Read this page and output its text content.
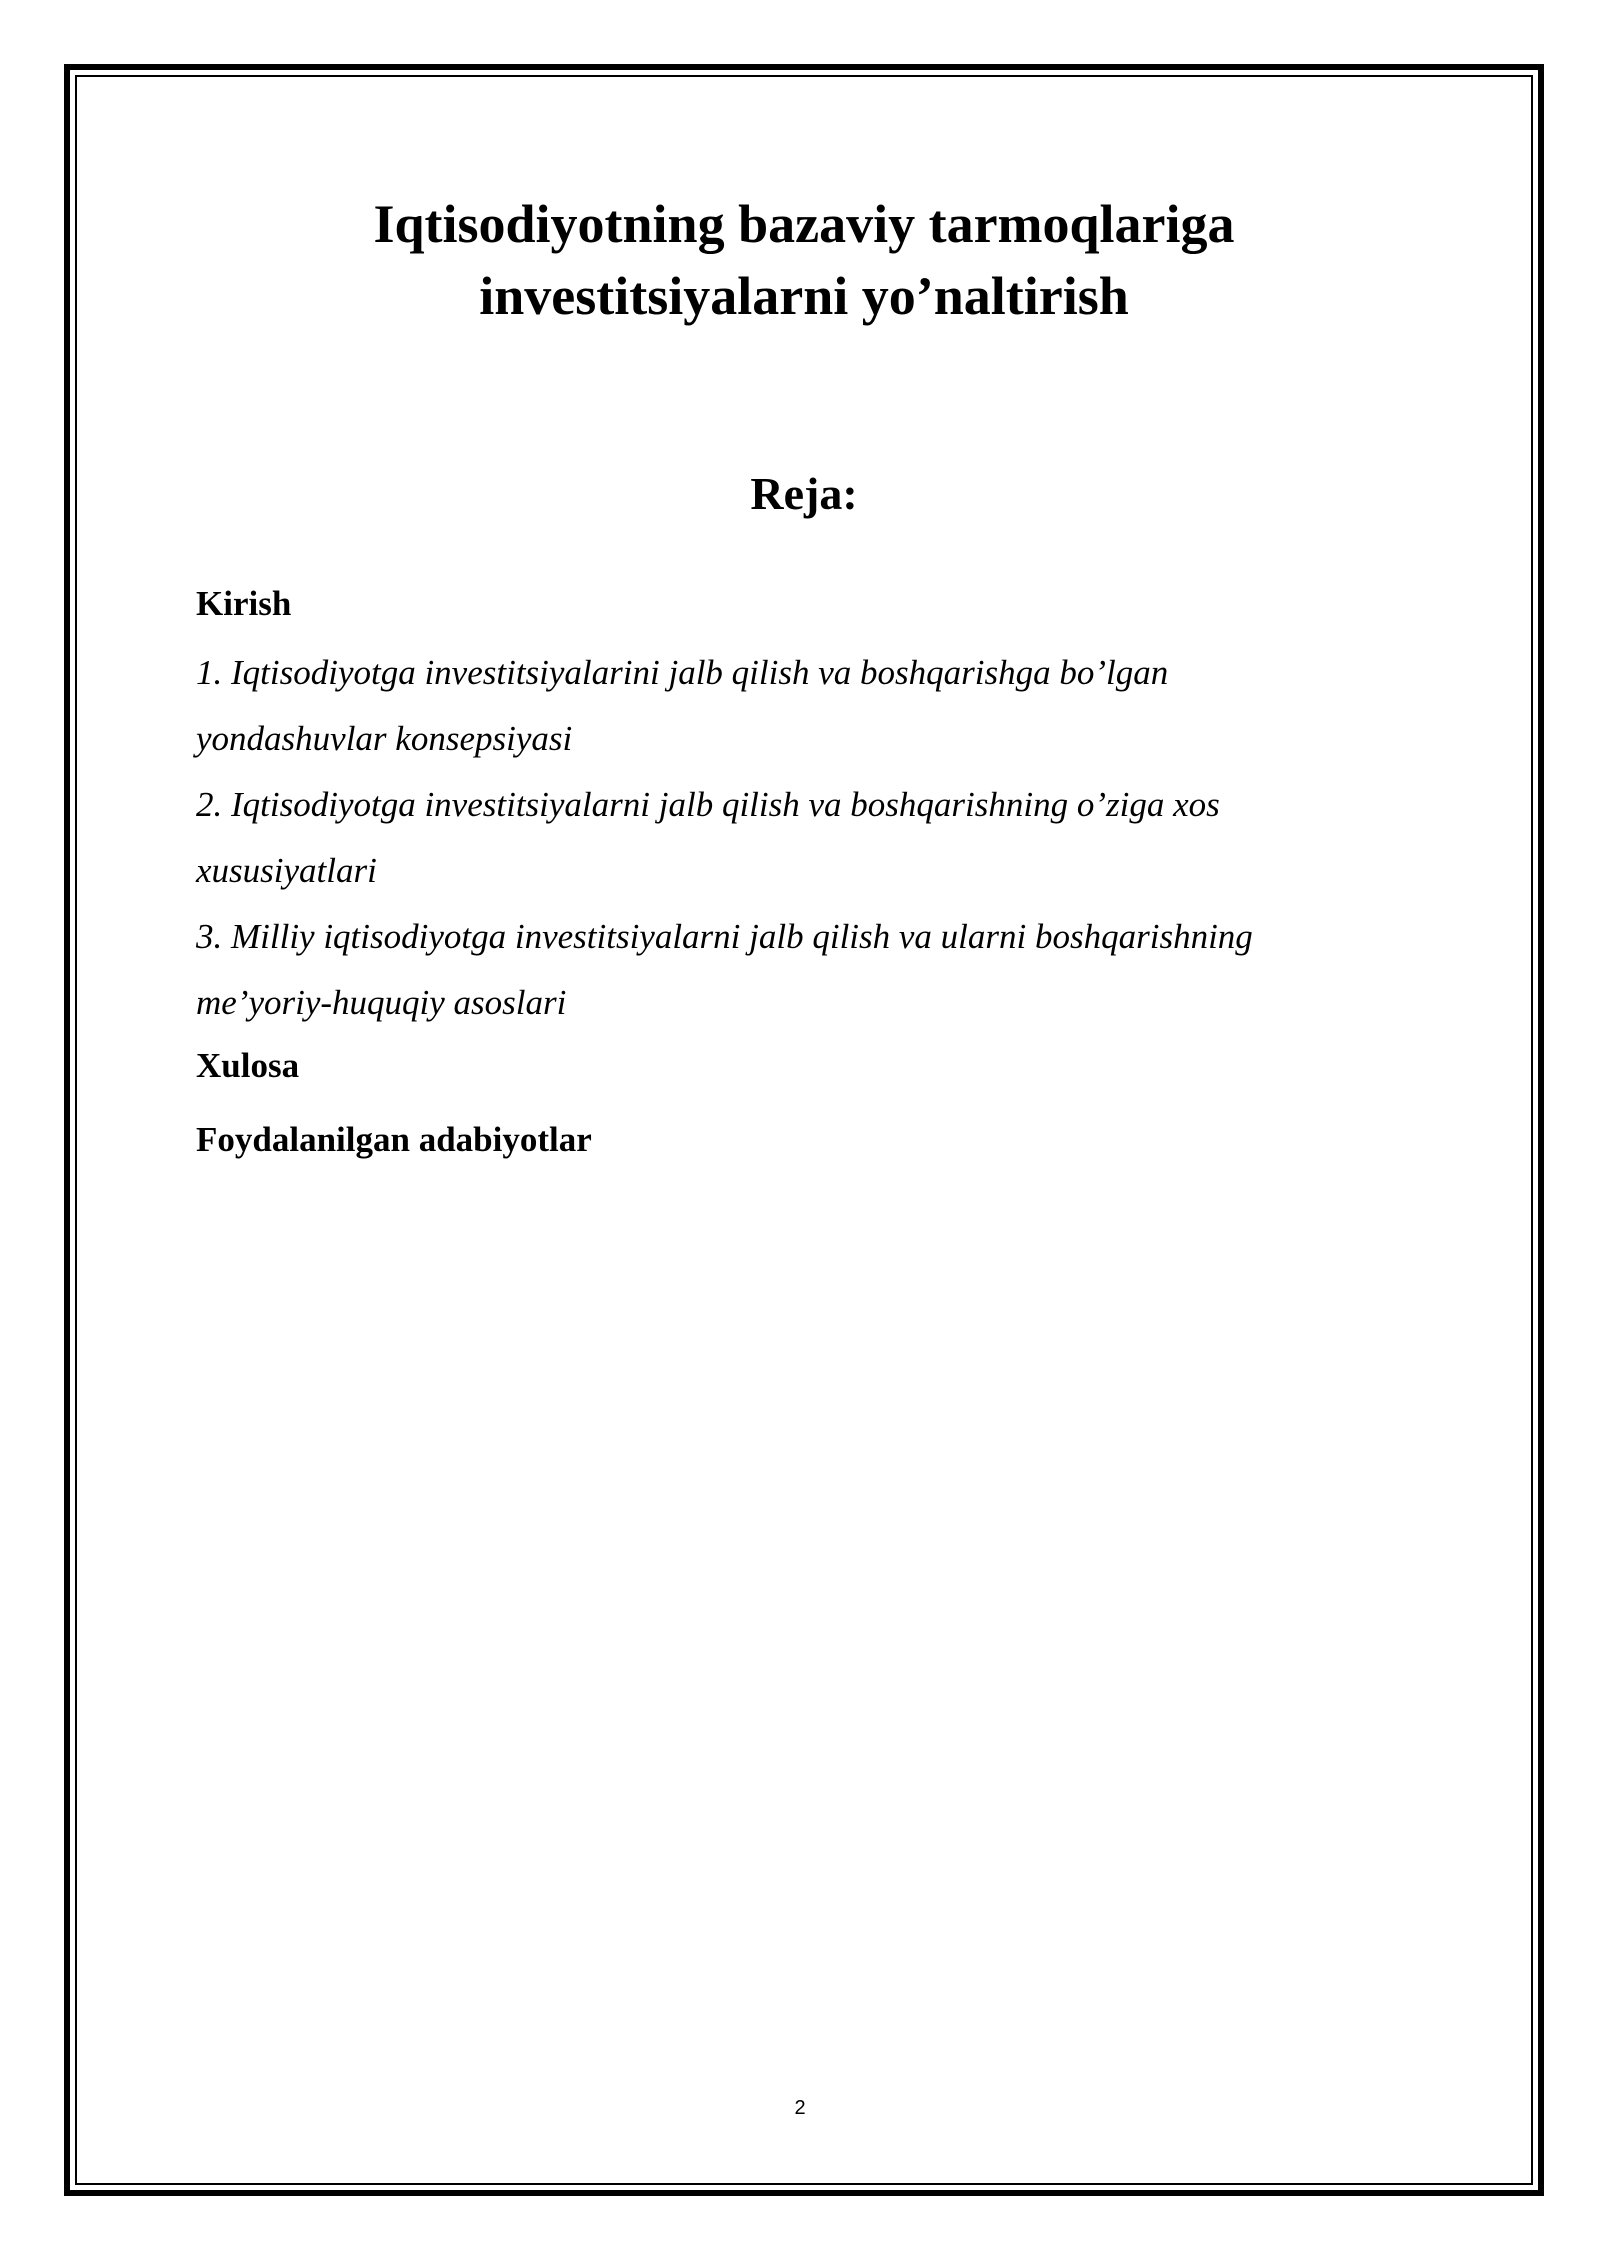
Iqtisodiyotning bazaviy tarmoqlariga
investitsiyalarni yo’naltirish
Reja:
Kirish
1. Iqtisodiyotga investitsiyalarini jalb qilish va boshqarishga bo’lgan
yondashuvlar konsepsiyasi
2. Iqtisodiyotga investitsiyalarni jalb qilish va boshqarishning o’ziga xos
xususiyatlari
3. Milliy iqtisodiyotga investitsiyalarni jalb qilish va ularni boshqarishning
me’yoriy-huquqiy asoslari
Xulosa
Foydalanilgan adabiyotlar
2
